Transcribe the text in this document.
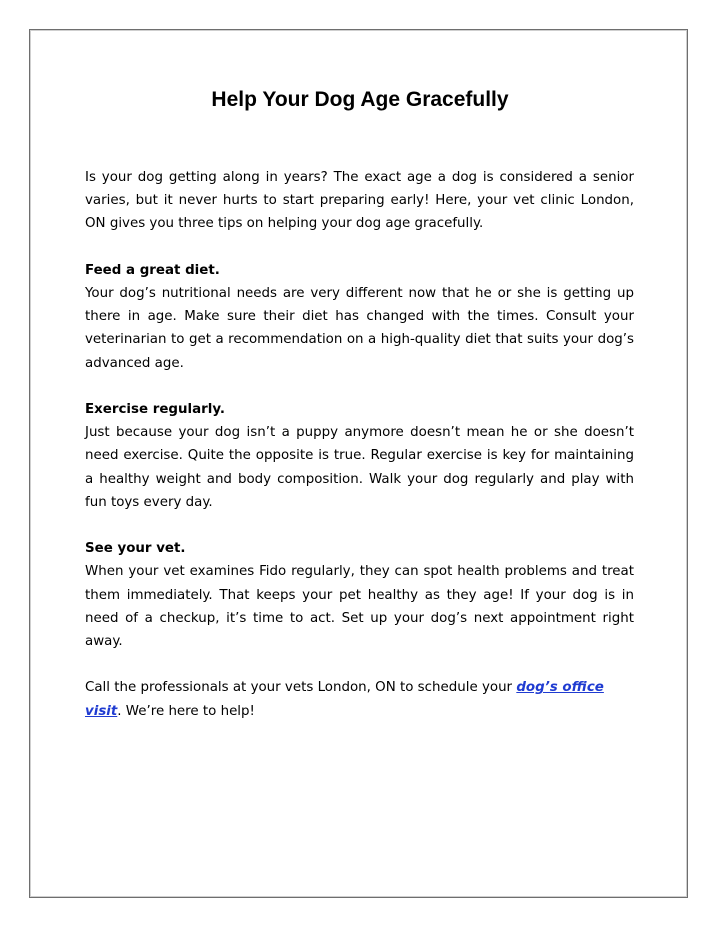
Help Your Dog Age Gracefully

Is your dog getting along in years? The exact age a dog is considered a senior varies, but it never hurts to start preparing early! Here, your vet clinic London, ON gives you three tips on helping your dog age gracefully.

Feed a great diet.
Your dog’s nutritional needs are very different now that he or she is getting up there in age. Make sure their diet has changed with the times. Consult your veterinarian to get a recommendation on a high-quality diet that suits your dog’s advanced age.

Exercise regularly.
Just because your dog isn’t a puppy anymore doesn’t mean he or she doesn’t need exercise. Quite the opposite is true. Regular exercise is key for maintaining a healthy weight and body composition. Walk your dog regularly and play with fun toys every day.

See your vet.
When your vet examines Fido regularly, they can spot health problems and treat them immediately. That keeps your pet healthy as they age! If your dog is in need of a checkup, it’s time to act. Set up your dog’s next appointment right away.

Call the professionals at your vets London, ON to schedule your dog’s office visit. We’re here to help!
